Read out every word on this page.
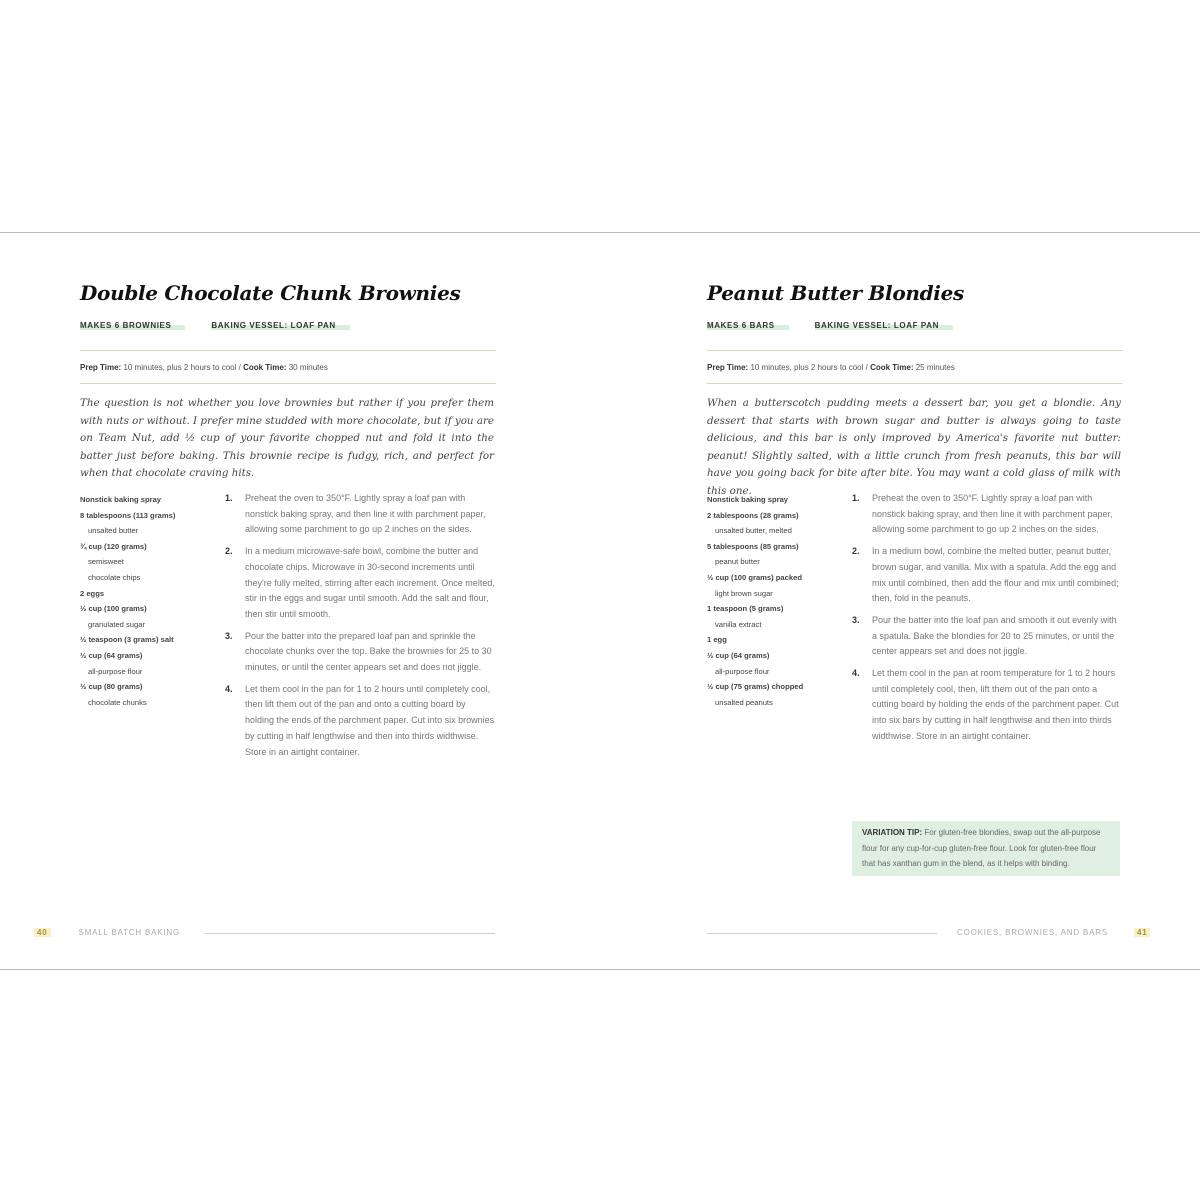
Double Chocolate Chunk Brownies
MAKES 6 BROWNIES	BAKING VESSEL: LOAF PAN
Prep Time: 10 minutes, plus 2 hours to cool / Cook Time: 30 minutes
The question is not whether you love brownies but rather if you prefer them with nuts or without. I prefer mine studded with more chocolate, but if you are on Team Nut, add ½ cup of your favorite chopped nut and fold it into the batter just before baking. This brownie recipe is fudgy, rich, and perfect for when that chocolate craving hits.
Nonstick baking spray
8 tablespoons (113 grams)
unsalted butter
¾ cup (120 grams)
semisweet
chocolate chips
2 eggs
½ cup (100 grams)
granulated sugar
½ teaspoon (3 grams) salt
½ cup (64 grams)
all-purpose flour
½ cup (80 grams)
chocolate chunks
1. Preheat the oven to 350°F. Lightly spray a loaf pan with nonstick baking spray, and then line it with parchment paper, allowing some parchment to go up 2 inches on the sides.
2. In a medium microwave-safe bowl, combine the butter and chocolate chips. Microwave in 30-second increments until they're fully melted, stirring after each increment. Once melted, stir in the eggs and sugar until smooth. Add the salt and flour, then stir until smooth.
3. Pour the batter into the prepared loaf pan and sprinkle the chocolate chunks over the top. Bake the brownies for 25 to 30 minutes, or until the center appears set and does not jiggle.
4. Let them cool in the pan for 1 to 2 hours until completely cool, then lift them out of the pan and onto a cutting board by holding the ends of the parchment paper. Cut into six brownies by cutting in half lengthwise and then into thirds widthwise. Store in an airtight container.
40	SMALL BATCH BAKING
Peanut Butter Blondies
MAKES 6 BARS	BAKING VESSEL: LOAF PAN
Prep Time: 10 minutes, plus 2 hours to cool / Cook Time: 25 minutes
When a butterscotch pudding meets a dessert bar, you get a blondie. Any dessert that starts with brown sugar and butter is always going to taste delicious, and this bar is only improved by America's favorite nut butter: peanut! Slightly salted, with a little crunch from fresh peanuts, this bar will have you going back for bite after bite. You may want a cold glass of milk with this one.
Nonstick baking spray
2 tablespoons (28 grams)
unsalted butter, melted
5 tablespoons (85 grams)
peanut butter
½ cup (100 grams) packed
light brown sugar
1 teaspoon (5 grams)
vanilla extract
1 egg
½ cup (64 grams)
all-purpose flour
½ cup (75 grams) chopped
unsalted peanuts
1. Preheat the oven to 350°F. Lightly spray a loaf pan with nonstick baking spray, and then line it with parchment paper, allowing some parchment to go up 2 inches on the sides.
2. In a medium bowl, combine the melted butter, peanut butter, brown sugar, and vanilla. Mix with a spatula. Add the egg and mix until combined, then add the flour and mix until combined; then, fold in the peanuts.
3. Pour the batter into the loaf pan and smooth it out evenly with a spatula. Bake the blondies for 20 to 25 minutes, or until the center appears set and does not jiggle.
4. Let them cool in the pan at room temperature for 1 to 2 hours until completely cool, then, lift them out of the pan onto a cutting board by holding the ends of the parchment paper. Cut into six bars by cutting in half lengthwise and then into thirds widthwise. Store in an airtight container.
VARIATION TIP: For gluten-free blondies, swap out the all-purpose flour for any cup-for-cup gluten-free flour. Look for gluten-free flour that has xanthan gum in the blend, as it helps with binding.
COOKIES, BROWNIES, AND BARS	41
